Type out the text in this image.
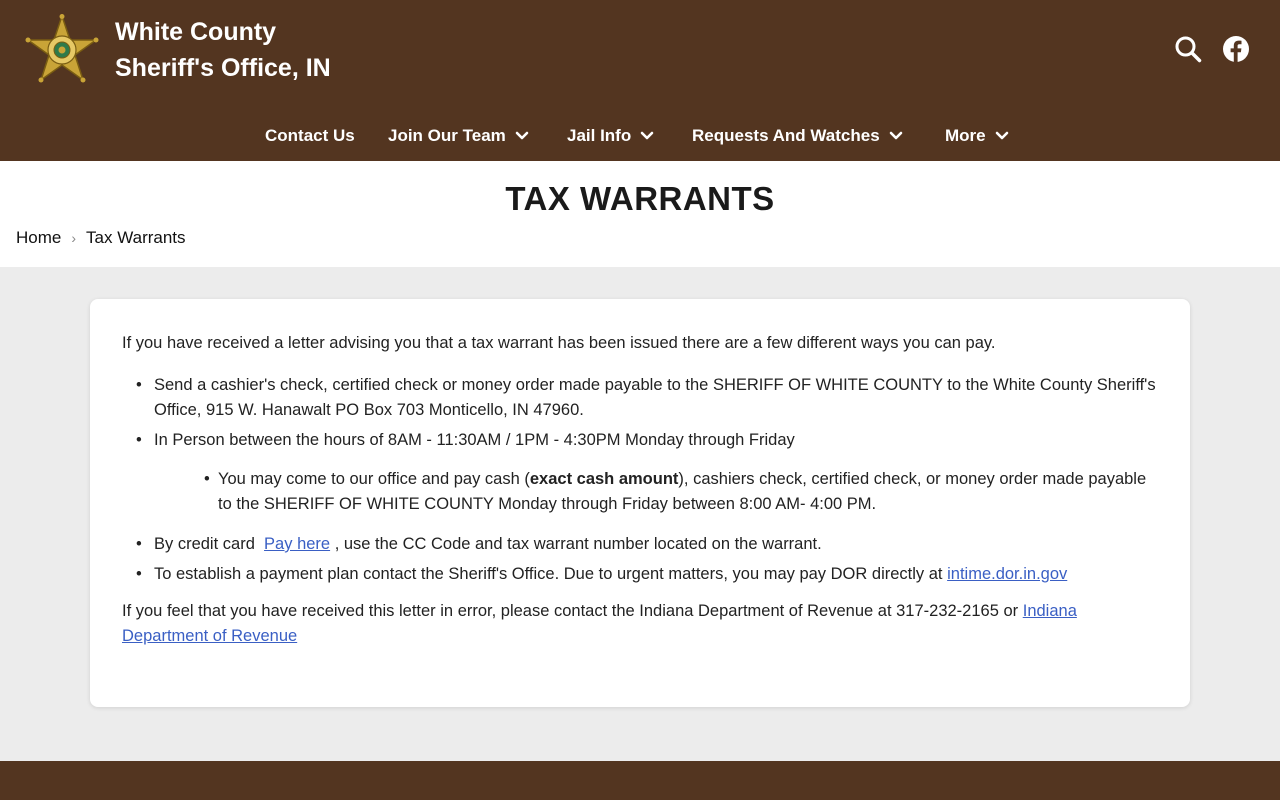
White County
Sheriff's Office, IN
Contact Us Join Our Team	Jail Info	Requests And Watches	More
TAX WARRANTS
Home › Tax Warrants

If you have received a letter advising you that a tax warrant has been issued there are a few different ways you can pay.

• Send a cashier's check, certified check or money order made payable to the SHERIFF OF WHITE COUNTY to the White County Sheriff's Office, 915 W. Hanawalt PO Box 703 Monticello, IN 47960.
• In Person between the hours of 8AM - 11:30AM / 1PM - 4:30PM Monday through Friday
• You may come to our office and pay cash (exact cash amount), cashiers check, certified check, or money order made payable to the SHERIFF OF WHITE COUNTY Monday through Friday between 8:00 AM- 4:00 PM.
• By credit card Pay here , use the CC Code and tax warrant number located on the warrant.
• To establish a payment plan contact the Sheriff's Office. Due to urgent matters, you may pay DOR directly at intime.dor.in.gov

If you feel that you have received this letter in error, please contact the Indiana Department of Revenue at 317-232-2165 or Indiana Department of Revenue
